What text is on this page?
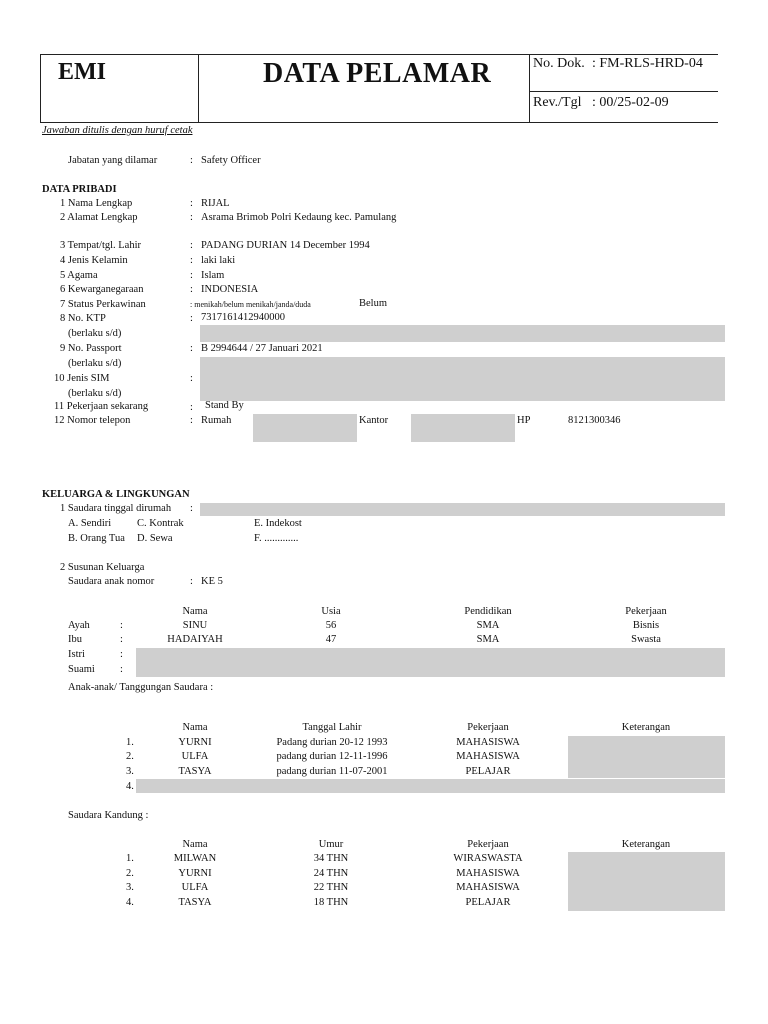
EMI	DATA PELAMAR	No. Dok. : FM-RLS-HRD-04
Rev./Tgl : 00/25-02-09
Jawaban ditulis dengan huruf cetak
Jabatan yang dilamar	: Safety Officer
DATA PRIBADI
1 Nama Lengkap	: RIJAL
2 Alamat Lengkap	: Asrama Brimob Polri Kedaung kec. Pamulang
3 Tempat/tgl. Lahir	: PADANG DURIAN 14 December 1994
4 Jenis Kelamin	: laki laki
5 Agama	: Islam
6 Kewarganegaraan	: INDONESIA
7 Status Perkawinan	: menikah/belum menikah/janda/duda	Belum
8 No. KTP	: 7317161412940000
(berlaku s/d)
9 No. Passport	: B 2994644 / 27 Januari 2021
(berlaku s/d)
10 Jenis SIM	:
(berlaku s/d)
11 Pekerjaan sekarang	: Stand By
12 Nomor telepon	: Rumah	Kantor	HP	8121300346
KELUARGA & LINGKUNGAN
1 Saudara tinggal dirumah :
A. Sendiri C. Kontrak	E. Indekost
B. Orang Tua D. Sewa	F. .............
2 Susunan Keluarga
Saudara anak nomor	: KE 5
Nama	Usia	Pendidikan	Pekerjaan
Ayah	:	SINU	56	SMA	Bisnis
Ibu	:	HADAIYAH	47	SMA	Swasta
Istri	:
Suami :
Anak-anak/ Tanggungan Saudara :
Nama	Tanggal Lahir	Pekerjaan	Keterangan
1.	YURNI	Padang durian 20-12 1993	MAHASISWA
2.	ULFA	padang durian 12-11-1996	MAHASISWA
3.	TASYA	padang durian 11-07-2001	PELAJAR
4.
Saudara Kandung :
Nama	Umur	Pekerjaan	Keterangan
1.	MILWAN	34 THN	WIRASWASTA
2.	YURNI	24 THN	MAHASISWA
3.	ULFA	22 THN	MAHASISWA
4.	TASYA	18 THN	PELAJAR
